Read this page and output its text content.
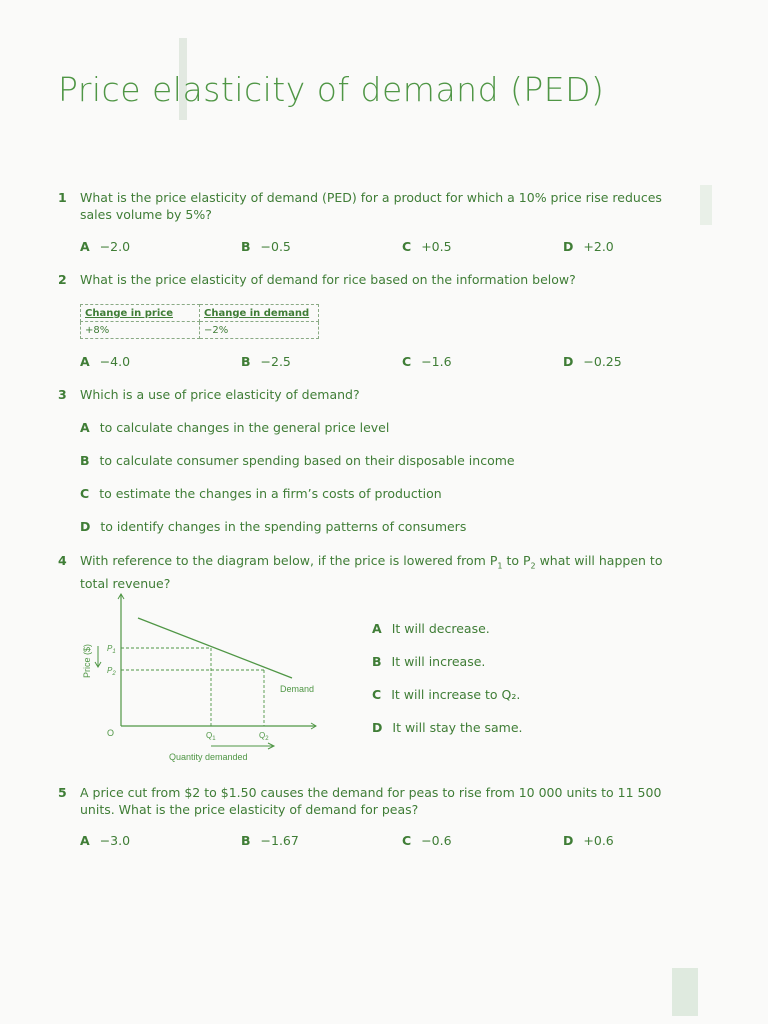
Price elasticity of demand (PED)
1	What is the price elasticity of demand (PED) for a product for which a 10% price rise reduces sales volume by 5%?
A −2.0	B −0.5	C +0.5	D +2.0
2	What is the price elasticity of demand for rice based on the information below?
Change in price	Change in demand
+8%	−2%
A −4.0	B −2.5	C −1.6	D −0.25
3	Which is a use of price elasticity of demand?
A to calculate changes in the general price level
B to calculate consumer spending based on their disposable income
C to estimate the changes in a firm’s costs of production
D to identify changes in the spending patterns of consumers
4	With reference to the diagram below, if the price is lowered from $P_1$ to $P_2$ what will happen to total revenue?
Price ($) $P_1$
$P_2$
$Q_1$	$Q_2$
O
Demand
Quantity demanded
A It will decrease.
B It will increase.
C It will increase to Q₂.
D It will stay the same.
5	A price cut from $2 to $1.50 causes the demand for peas to rise from 10 000 units to 11 500 units. What is the price elasticity of demand for peas?
A −3.0	B −1.67	C −0.6	D +0.6
